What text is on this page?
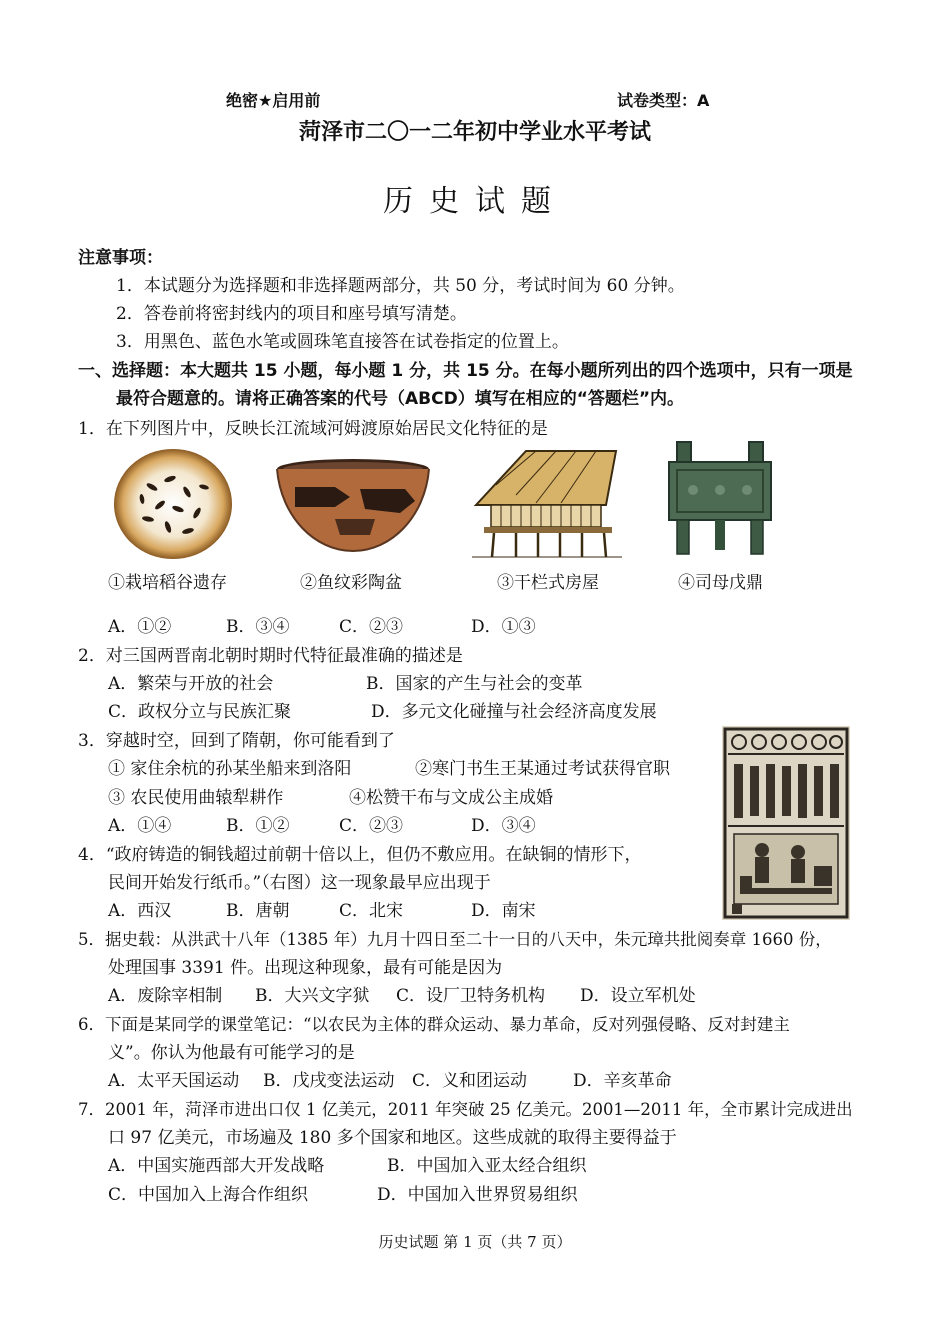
绝密★启用前	试卷类型：A
菏泽市二〇一二年初中学业水平考试
历史试题
注意事项：
1．本试题分为选择题和非选择题两部分，共 50 分，考试时间为 60 分钟。
2．答卷前将密封线内的项目和座号填写清楚。
3．用黑色、蓝色水笔或圆珠笔直接答在试卷指定的位置上。
一、选择题：本大题共 15 小题，每小题 1 分，共 15 分。在每小题所列出的四个选项中，只有一项是
最符合题意的。请将正确答案的代号（ABCD）填写在相应的“答题栏”内。
1．在下列图片中，反映长江流域河姆渡原始居民文化特征的是
①栽培稻谷遗存	②鱼纹彩陶盆	③干栏式房屋	④司母戊鼎
A．①②	B．③④	C．②③	D．①③
2．对三国两晋南北朝时期时代特征最准确的描述是
A．繁荣与开放的社会	B．国家的产生与社会的变革
C．政权分立与民族汇聚	D．多元文化碰撞与社会经济高度发展
3．穿越时空，回到了隋朝，你可能看到了
① 家住余杭的孙某坐船来到洛阳	②寒门书生王某通过考试获得官职
③ 农民使用曲辕犁耕作	④松赞干布与文成公主成婚
A．①④	B．①②	C．②③	D．③④
4．“政府铸造的铜钱超过前朝十倍以上，但仍不敷应用。在缺铜的情形下，
民间开始发行纸币。”（右图）这一现象最早应出现于
A．西汉	B．唐朝	C．北宋	D．南宋
5．据史载：从洪武十八年（1385 年）九月十四日至二十一日的八天中，朱元璋共批阅奏章 1660 份，
处理国事 3391 件。出现这种现象，最有可能是因为
A．废除宰相制 B．大兴文字狱 C．设厂卫特务机构 D．设立军机处
6．下面是某同学的课堂笔记：“以农民为主体的群众运动、暴力革命，反对列强侵略、反对封建主
义”。你认为他最有可能学习的是
A．太平天国运动 B．戊戌变法运动 C．义和团运动	D．辛亥革命
7．2001 年，菏泽市进出口仅 1 亿美元，2011 年突破 25 亿美元。2001—2011 年，全市累计完成进出
口 97 亿美元，市场遍及 180 多个国家和地区。这些成就的取得主要得益于
A．中国实施西部大开发战略	B．中国加入亚太经合组织
C．中国加入上海合作组织	D．中国加入世界贸易组织
历史试题 第 1 页（共 7 页）
